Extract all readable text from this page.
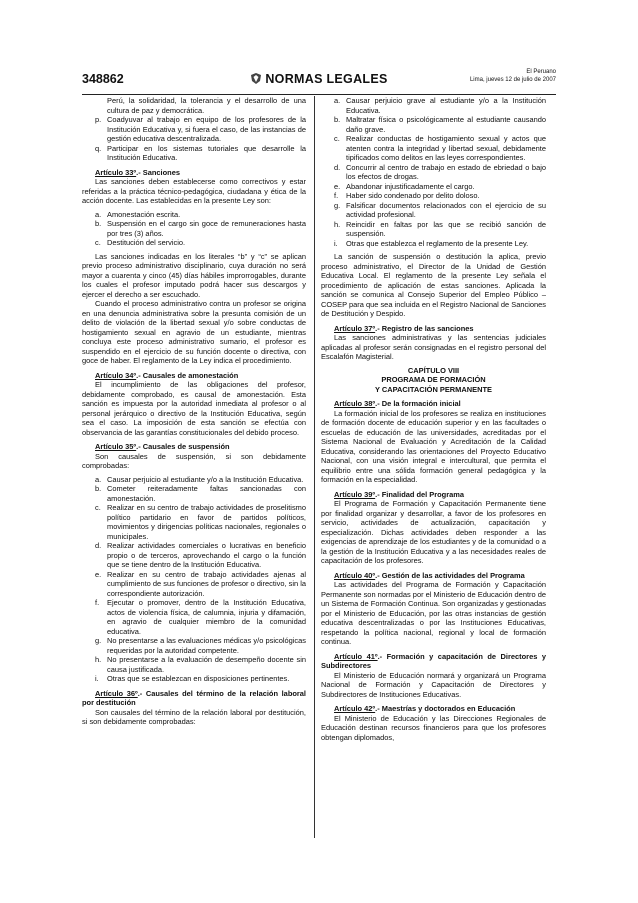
348862	NORMAS LEGALES	El Peruano
Lima, jueves 12 de julio de 2007
Perú, la solidaridad, la tolerancia y el desarrollo de una cultura de paz y democrática.
p. Coadyuvar al trabajo en equipo de los profesores de la Institución Educativa y, si fuera el caso, de las instancias de gestión educativa descentralizada.
q. Participar en los sistemas tutoriales que desarrolle la Institución Educativa.

Artículo 33º.- Sanciones

Las sanciones deben establecerse como correctivos y estar referidas a la práctica técnico-pedagógica, ciudadana y ética de la acción docente. Las establecidas en la presente Ley son:

a. Amonestación escrita.
b. Suspensión en el cargo sin goce de remuneraciones hasta por tres (3) años.
c. Destitución del servicio.

Las sanciones indicadas en los literales “b” y “c” se aplican previo proceso administrativo disciplinario, cuya duración no será mayor a cuarenta y cinco (45) días hábiles improrrogables, durante los cuales el profesor imputado podrá hacer sus descargos y ejercer el derecho a ser escuchado.

Cuando el proceso administrativo contra un profesor se origina en una denuncia administrativa sobre la presunta comisión de un delito de violación de la libertad sexual y/o sobre conductas de hostigamiento sexual en agravio de un estudiante, mientras concluya este proceso administrativo sumario, el profesor es suspendido en el ejercicio de su función docente o directiva, con goce de haber. El reglamento de la Ley indica el procedimiento.

Artículo 34º.- Causales de amonestación

El incumplimiento de las obligaciones del profesor, debidamente comprobado, es causal de amonestación. Esta sanción es impuesta por la autoridad inmediata al profesor o al personal jerárquico o directivo de la Institución Educativa, según sea el caso. La imposición de esta sanción se efectúa con observancia de las garantías constitucionales del debido proceso.

Artículo 35º.- Causales de suspensión

Son causales de suspensión, si son debidamente comprobadas:

a. Causar perjuicio al estudiante y/o a la Institución Educativa.
b. Cometer reiteradamente faltas sancionadas con amonestación.
c. Realizar en su centro de trabajo actividades de proselitismo político partidario en favor de partidos políticos, movimientos y dirigencias políticas nacionales, regionales o municipales.
d. Realizar actividades comerciales o lucrativas en beneficio propio o de terceros, aprovechando el cargo o la función que se tiene dentro de la Institución Educativa.
e. Realizar en su centro de trabajo actividades ajenas al cumplimiento de sus funciones de profesor o directivo, sin la correspondiente autorización.
f.	Ejecutar o promover, dentro de la Institución Educativa, actos de violencia física, de calumnia, injuria y difamación, en agravio de cualquier miembro de la comunidad educativa.
g. No presentarse a las evaluaciones médicas y/o psicológicas requeridas por la autoridad competente.
h. No presentarse a la evaluación de desempeño docente sin causa justificada.
i.	Otras que se establezcan en disposiciones pertinentes.

Artículo 36º.- Causales del término de la relación laboral por destitución

Son causales del término de la relación laboral por destitución, si son debidamente comprobadas:

a. Causar perjuicio grave al estudiante y/o a la Institución Educativa.
b. Maltratar física o psicológicamente al estudiante causando daño grave.
c. Realizar conductas de hostigamiento sexual y actos que atenten contra la integridad y libertad sexual, debidamente tipificados como delitos en las leyes correspondientes.
d. Concurrir al centro de trabajo en estado de ebriedad o bajo los efectos de drogas.
e. Abandonar injustificadamente el cargo.
f.	Haber sido condenado por delito doloso.
g. Falsificar documentos relacionados con el ejercicio de su actividad profesional.
h. Reincidir en faltas por las que se recibió sanción de suspensión.
i.	Otras que establezca el reglamento de la presente Ley.

La sanción de suspensión o destitución la aplica, previo proceso administrativo, el Director de la Unidad de Gestión Educativa Local. El reglamento de la presente Ley señala el procedimiento de aplicación de estas sanciones. Aplicada la sanción se comunica al Consejo Superior del Empleo Público – COSEP para que sea incluida en el Registro Nacional de Sanciones de Destitución y Despido.

Artículo 37º.- Registro de las sanciones

Las sanciones administrativas y las sentencias judiciales aplicadas al profesor serán consignadas en el registro personal del Escalafón Magisterial.

CAPÍTULO VIII
PROGRAMA DE FORMACIÓN
Y CAPACITACIÓN PERMANENTE

Artículo 38º.- De la formación inicial

La formación inicial de los profesores se realiza en instituciones de formación docente de educación superior y en las facultades o escuelas de educación de las universidades, acreditadas por el Sistema Nacional de Evaluación y Acreditación de la Calidad Educativa, considerando las orientaciones del Proyecto Educativo Nacional, con una visión integral e intercultural, que permita el equilibrio entre una sólida formación general pedagógica y la formación en la especialidad.

Artículo 39º.- Finalidad del Programa

El Programa de Formación y Capacitación Permanente tiene por finalidad organizar y desarrollar, a favor de los profesores en servicio, actividades de actualización, capacitación y especialización. Dichas actividades deben responder a las exigencias de aprendizaje de los estudiantes y de la comunidad o a la gestión de la Institución Educativa y a las necesidades reales de capacitación de los profesores.

Artículo 40º.- Gestión de las actividades del Programa

Las actividades del Programa de Formación y Capacitación Permanente son normadas por el Ministerio de Educación dentro de un Sistema de Formación Continua. Son organizadas y gestionadas por el Ministerio de Educación, por las otras instancias de gestión educativa descentralizadas o por las Instituciones Educativas, respetando la política nacional, regional y local de formación continua.

Artículo 41º.- Formación y capacitación de Directores y Subdirectores

El Ministerio de Educación normará y organizará un Programa Nacional de Formación y Capacitación de Directores y Subdirectores de Instituciones Educativas.

Artículo 42º.- Maestrías y doctorados en Educación

El Ministerio de Educación y las Direcciones Regionales de Educación destinan recursos financieros para que los profesores obtengan diplomados,
